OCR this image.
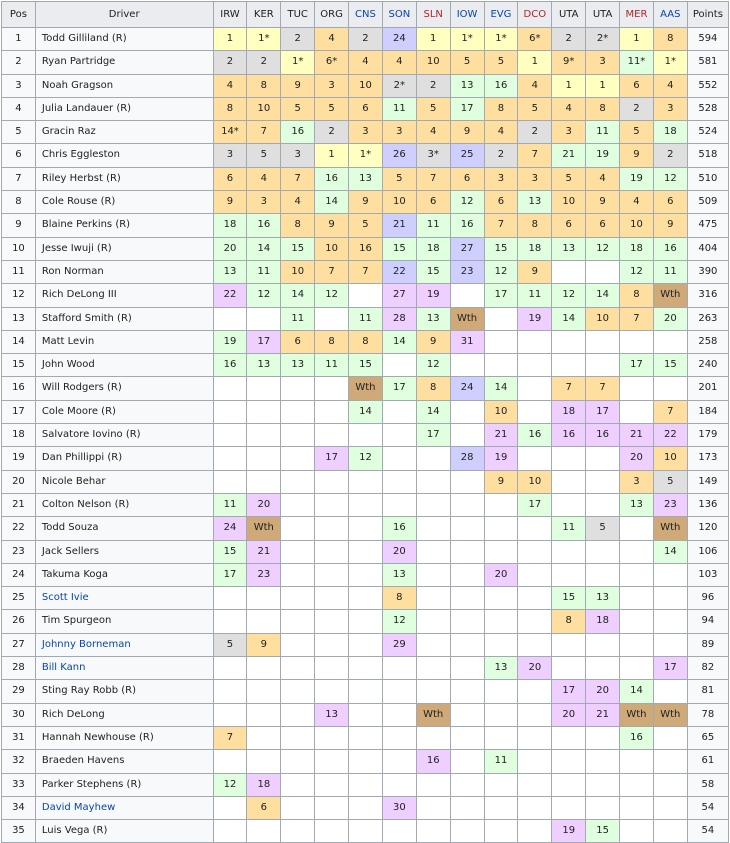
Pos	Driver	IRW	KER	TUC	ORG	CNS	SON	SLN	IOW	EVG	DCO	UTA	UTA	MER	AAS	Points
1	Todd Gilliland (R)	1	1*	2	4	2	24	1	1*	1*	6*	2	2*	1	8	594
2	Ryan Partridge	2	2	1*	6*	4	4	10	5	5	1	9*	3	11*	1*	581
3	Noah Gragson	4	8	9	3	10	2*	2	13	16	4	1	1	6	4	552
4	Julia Landauer (R)	8	10	5	5	6	11	5	17	8	5	4	8	2	3	528
5	Gracin Raz	14*	7	16	2	3	3	4	9	4	2	3	11	5	18	524
6	Chris Eggleston	3	5	3	1	1*	26	3*	25	2	7	21	19	9	2	518
7	Riley Herbst (R)	6	4	7	16	13	5	7	6	3	3	5	4	19	12	510
8	Cole Rouse (R)	9	3	4	14	9	10	6	12	6	13	10	9	4	6	509
9	Blaine Perkins (R)	18	16	8	9	5	21	11	16	7	8	6	6	10	9	475
10	Jesse Iwuji (R)	20	14	15	10	16	15	18	27	15	18	13	12	18	16	404
11	Ron Norman	13	11	10	7	7	22	15	23	12	9			12	11	390
12	Rich DeLong III	22	12	14	12		27	19		17	11	12	14	8	Wth	316
13	Stafford Smith (R)			11		11	28	13	Wth		19	14	10	7	20	263
14	Matt Levin	19	17	6	8	8	14	9	31							258
15	John Wood	16	13	13	11	15		12						17	15	240
16	Will Rodgers (R)					Wth	17	8	24	14		7	7			201
17	Cole Moore (R)					14		14		10		18	17		7	184
18	Salvatore Iovino (R)							17		21	16	16	16	21	22	179
19	Dan Phillippi (R)				17	12			28	19				20	10	173
20	Nicole Behar									9	10			3	5	149
21	Colton Nelson (R)	11	20								17			13	23	136
22	Todd Souza	24	Wth				16					11	5		Wth	120
23	Jack Sellers	15	21				20								14	106
24	Takuma Koga	17	23				13			20						103
25	Scott Ivie						8					15	13			96
26	Tim Spurgeon						12					8	18			94
27	Johnny Borneman	5	9				29									89
28	Bill Kann									13	20				17	82
29	Sting Ray Robb (R)											17	20	14		81
30	Rich DeLong				13			Wth				20	21	Wth	Wth	78
31	Hannah Newhouse (R)	7												16		65
32	Braeden Havens							16		11						61
33	Parker Stephens (R)	12	18													58
34	David Mayhew		6				30									54
35	Luis Vega (R)											19	15			54
